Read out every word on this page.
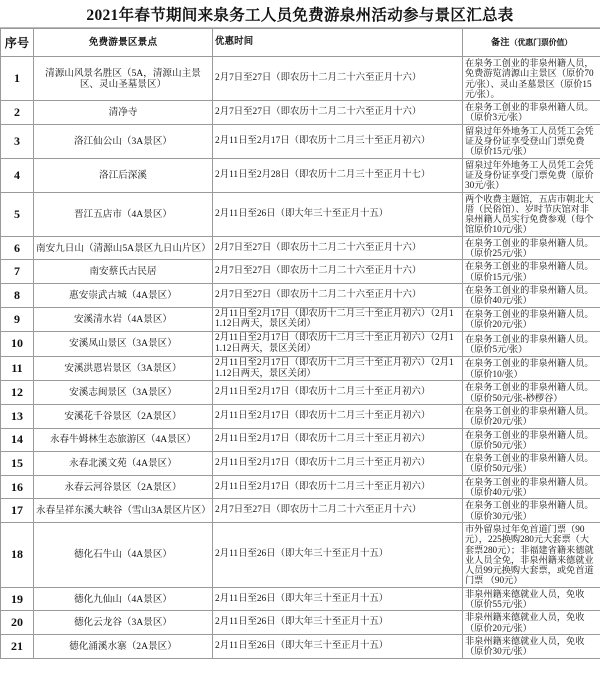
2021年春节期间来泉务工人员免费游泉州活动参与景区汇总表
序号	免费游景区景点	优惠时间	备注（优惠门票价值）
1	清源山风景名胜区（5A，清源山主景区、灵山圣墓景区）	2月7日至27日（即农历十二月二十六至正月十六）	在泉务工创业的非泉州籍人员，免费游览清源山主景区（原价70元/张）、灵山圣墓景区（原价15元/张）。
2	清净寺	2月7日至27日（即农历十二月二十六至正月十六）	在泉务工创业的非泉州籍人员。（原价3元/张）
3	洛江仙公山（3A景区）	2月11日至2月17日（即农历十二月三十至正月初六）	留泉过年外地务工人员凭工会凭证及身份证享受登山门票免费（原价15元/张）
4	洛江后深溪	2月11日至2月28日（即农历十二月三十至正月十七）	留泉过年外地务工人员凭工会凭证及身份证享受门票免费（原价30元/张）
5	晋江五店市（4A景区）	2月11日至26日（即大年三十至正月十五）	两个收费主题馆，五店市朝北大厝（民俗馆）、岁时节庆馆对非泉州籍人员实行免费参观（每个馆原价10元/张）
6	南安九日山（清源山5A景区九日山片区）	2月7日至27日（即农历十二月二十六至正月十六）	在泉务工创业的非泉州籍人员。（原价25元/张）
7	南安蔡氏古民居	2月7日至27日（即农历十二月二十六至正月十六）	在泉务工创业的非泉州籍人员。（原价15元/张）
8	惠安崇武古城（4A景区）	2月7日至27日（即农历十二月二十六至正月十六）	在泉务工创业的非泉州籍人员。（原价40元/张）
9	安溪清水岩（4A景区）	2月11日至2月17日（即农历十二月三十至正月初六）（2月11.12日两天，景区关闭）	在泉务工创业的非泉州籍人员。（原价20元/张）
10	安溪凤山景区（3A景区）	2月11日至2月17日（即农历十二月三十至正月初六）（2月11.12日两天，景区关闭）	在泉务工创业的非泉州籍人员。（原价5元/张）
11	安溪洪恩岩景区（3A景区）	2月11日至2月17日（即农历十二月三十至正月初六）（2月11.12日两天，景区关闭）	在泉务工创业的非泉州籍人员。（原价10/张）
12	安溪志闽景区（3A景区）	2月11日至2月17日（即农历十二月三十至正月初六）	在泉务工创业的非泉州籍人员。（原价50元/张-桫椤谷）
13	安溪花千谷景区（2A景区）	2月11日至2月17日（即农历十二月三十至正月初六）	在泉务工创业的非泉州籍人员。（原价20元/张）
14	永春牛姆林生态旅游区（4A景区）	2月11日至2月17日（即农历十二月三十至正月初六）	在泉务工创业的非泉州籍人员。（原价50元/张）
15	永春北溪文苑（4A景区）	2月11日至2月17日（即农历十二月三十至正月初六）	在泉务工创业的非泉州籍人员。（原价50元/张）
16	永春云河谷景区（2A景区）	2月11日至2月17日（即农历十二月三十至正月初六）	在泉务工创业的非泉州籍人员。（原价40元/张）
17	永春呈祥东溪大峡谷（雪山3A景区片区）	2月7日至27日（即农历十二月二十六至正月十六）	在泉务工创业的非泉州籍人员。（原价30元/张）
18	德化石牛山（4A景区）	2月11日至26日（即大年三十至正月十五）	市外留泉过年免首道门票（90元），225换购280元大套票（大套票280元）；非福建省籍来德就业人员全免，非泉州籍来德就业人员99元换购大套票，或免首道门票 （90元）
19	德化九仙山（4A景区）	2月11日至26日（即大年三十至正月十五）	非泉州籍来德就业人员，免收（原价55元/张）
20	德化云龙谷（3A景区）	2月11日至26日（即大年三十至正月十五）	非泉州籍来德就业人员，免收（原价20元/张）
21	德化涌溪水寨（2A景区）	2月11日至26日（即大年三十至正月十五）	非泉州籍来德就业人员，免收（原价30元/张）
